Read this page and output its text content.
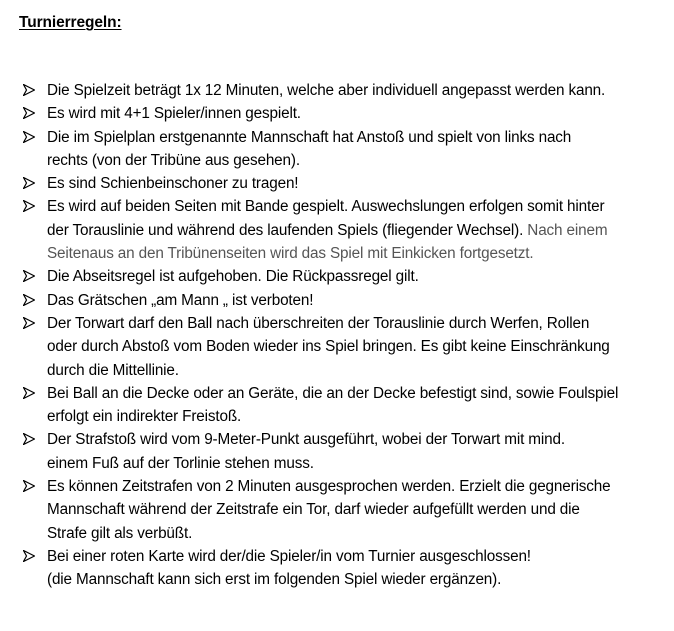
Turnierregeln:
Die Spielzeit beträgt 1x 12 Minuten, welche aber individuell angepasst werden kann.
Es wird mit 4+1 Spieler/innen gespielt.
Die im Spielplan erstgenannte Mannschaft hat Anstoß und spielt von links nach
rechts (von der Tribüne aus gesehen).
Es sind Schienbeinschoner zu tragen!
Es wird auf beiden Seiten mit Bande gespielt. Auswechslungen erfolgen somit hinter
der Torauslinie und während des laufenden Spiels (fliegender Wechsel). Nach einem
Seitenaus an den Tribünenseiten wird das Spiel mit Einkicken fortgesetzt.
Die Abseitsregel ist aufgehoben. Die Rückpassregel gilt.
Das Grätschen „am Mann „ ist verboten!
Der Torwart darf den Ball nach überschreiten der Torauslinie durch Werfen, Rollen
oder durch Abstoß vom Boden wieder ins Spiel bringen. Es gibt keine Einschränkung
durch die Mittellinie.
Bei Ball an die Decke oder an Geräte, die an der Decke befestigt sind, sowie Foulspiel
erfolgt ein indirekter Freistoß.
Der Strafstoß wird vom 9-Meter-Punkt ausgeführt, wobei der Torwart mit mind.
einem Fuß auf der Torlinie stehen muss.
Es können Zeitstrafen von 2 Minuten ausgesprochen werden. Erzielt die gegnerische
Mannschaft während der Zeitstrafe ein Tor, darf wieder aufgefüllt werden und die
Strafe gilt als verbüßt.
Bei einer roten Karte wird der/die Spieler/in vom Turnier ausgeschlossen!
(die Mannschaft kann sich erst im folgenden Spiel wieder ergänzen).
